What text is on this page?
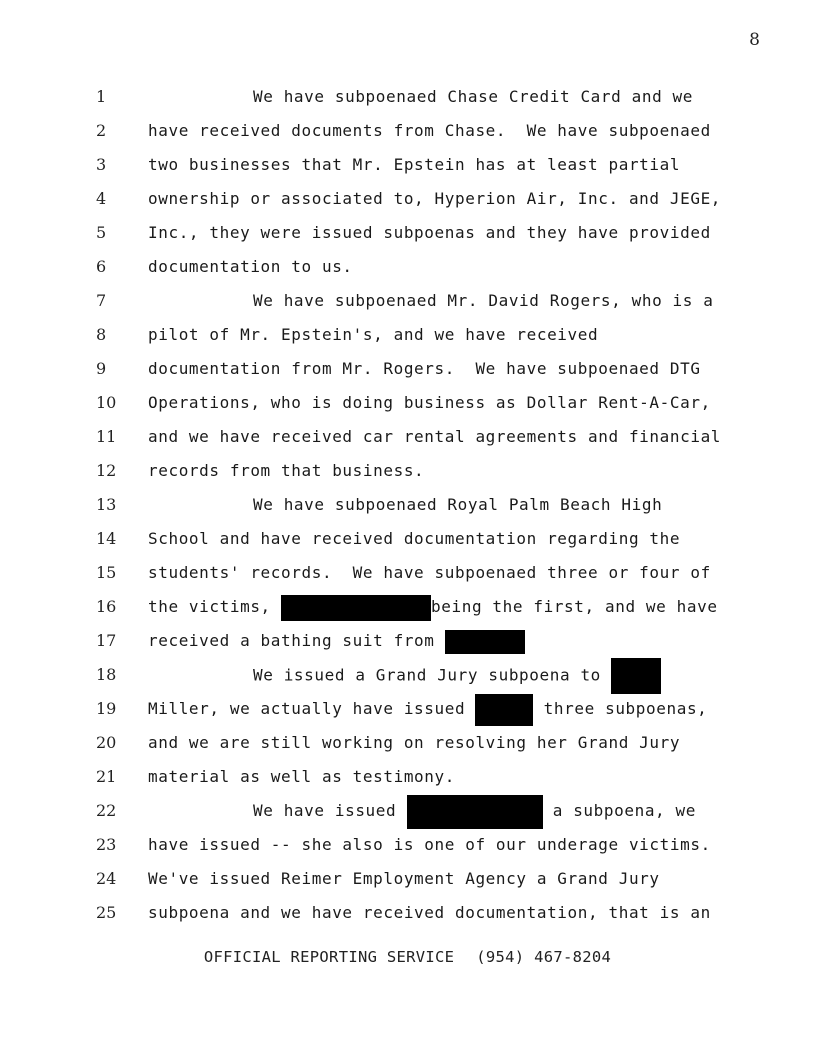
8
1	We have subpoenaed Chase Credit Card and we
2	have received documents from Chase.  We have subpoenaed
3	two businesses that Mr. Epstein has at least partial
4	ownership or associated to, Hyperion Air, Inc. and JEGE,
5	Inc., they were issued subpoenas and they have provided
6	documentation to us.
7	We have subpoenaed Mr. David Rogers, who is a
8	pilot of Mr. Epstein's, and we have received
9	documentation from Mr. Rogers.  We have subpoenaed DTG
10	Operations, who is doing business as Dollar Rent-A-Car,
11	and we have received car rental agreements and financial
12	records from that business.
13	We have subpoenaed Royal Palm Beach High
14	School and have received documentation regarding the
15	students' records.  We have subpoenaed three or four of
16	the victims,	being the first, and we have
17	received a bathing suit from
18	We issued a Grand Jury subpoena to
19	Miller, we actually have issued	three subpoenas,
20	and we are still working on resolving her Grand Jury
21	material as well as testimony.
22	We have issued	a subpoena, we
23	have issued -- she also is one of our underage victims.
24	We've issued Reimer Employment Agency a Grand Jury
25	subpoena and we have received documentation, that is an
OFFICIAL REPORTING SERVICE (954) 467-8204
